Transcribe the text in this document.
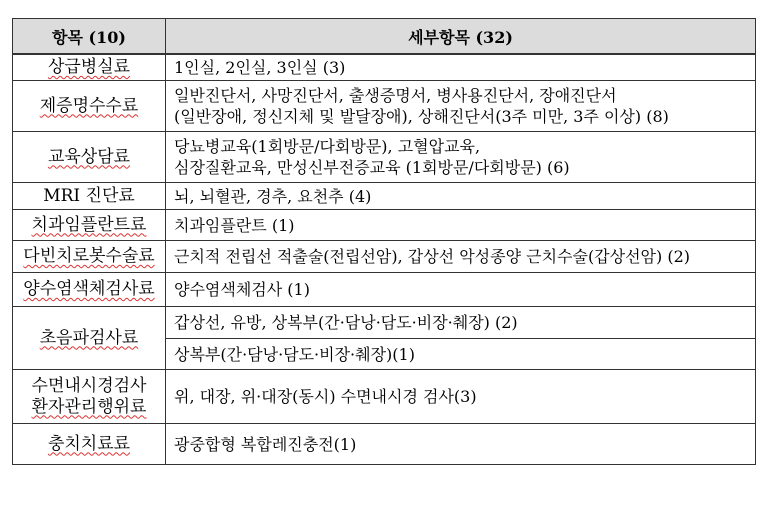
항목 (10)	세부항목 (32)
상급병실료	1인실, 2인실, 3인실 (3)
제증명수수료	일반진단서, 사망진단서, 출생증명서, 병사용진단서, 장애진단서
(일반장애, 정신지체 및 발달장애), 상해진단서(3주 미만, 3주 이상) (8)

교육상담료	당뇨병교육(1회방문/다회방문), 고혈압교육,
심장질환교육, 만성신부전증교육 (1회방문/다회방문) (6)

MRI 진단료	뇌, 뇌혈관, 경추, 요천추 (4)
치과임플란트료	치과임플란트 (1)
다빈치로봇수술료	근치적 전립선 적출술(전립선암), 갑상선 악성종양 근치수술(갑상선암) (2)
양수염색체검사료	양수염색체검사 (1)
초음파검사료	갑상선, 유방, 상복부(간·담낭·담도·비장·췌장) (2)
	상복부(간·담낭·담도·비장·췌장)(1)

수면내시경검사
환자관리행위료	위, 대장, 위·대장(동시) 수면내시경 검사(3)
충치치료료	광중합형 복합레진충전(1)
